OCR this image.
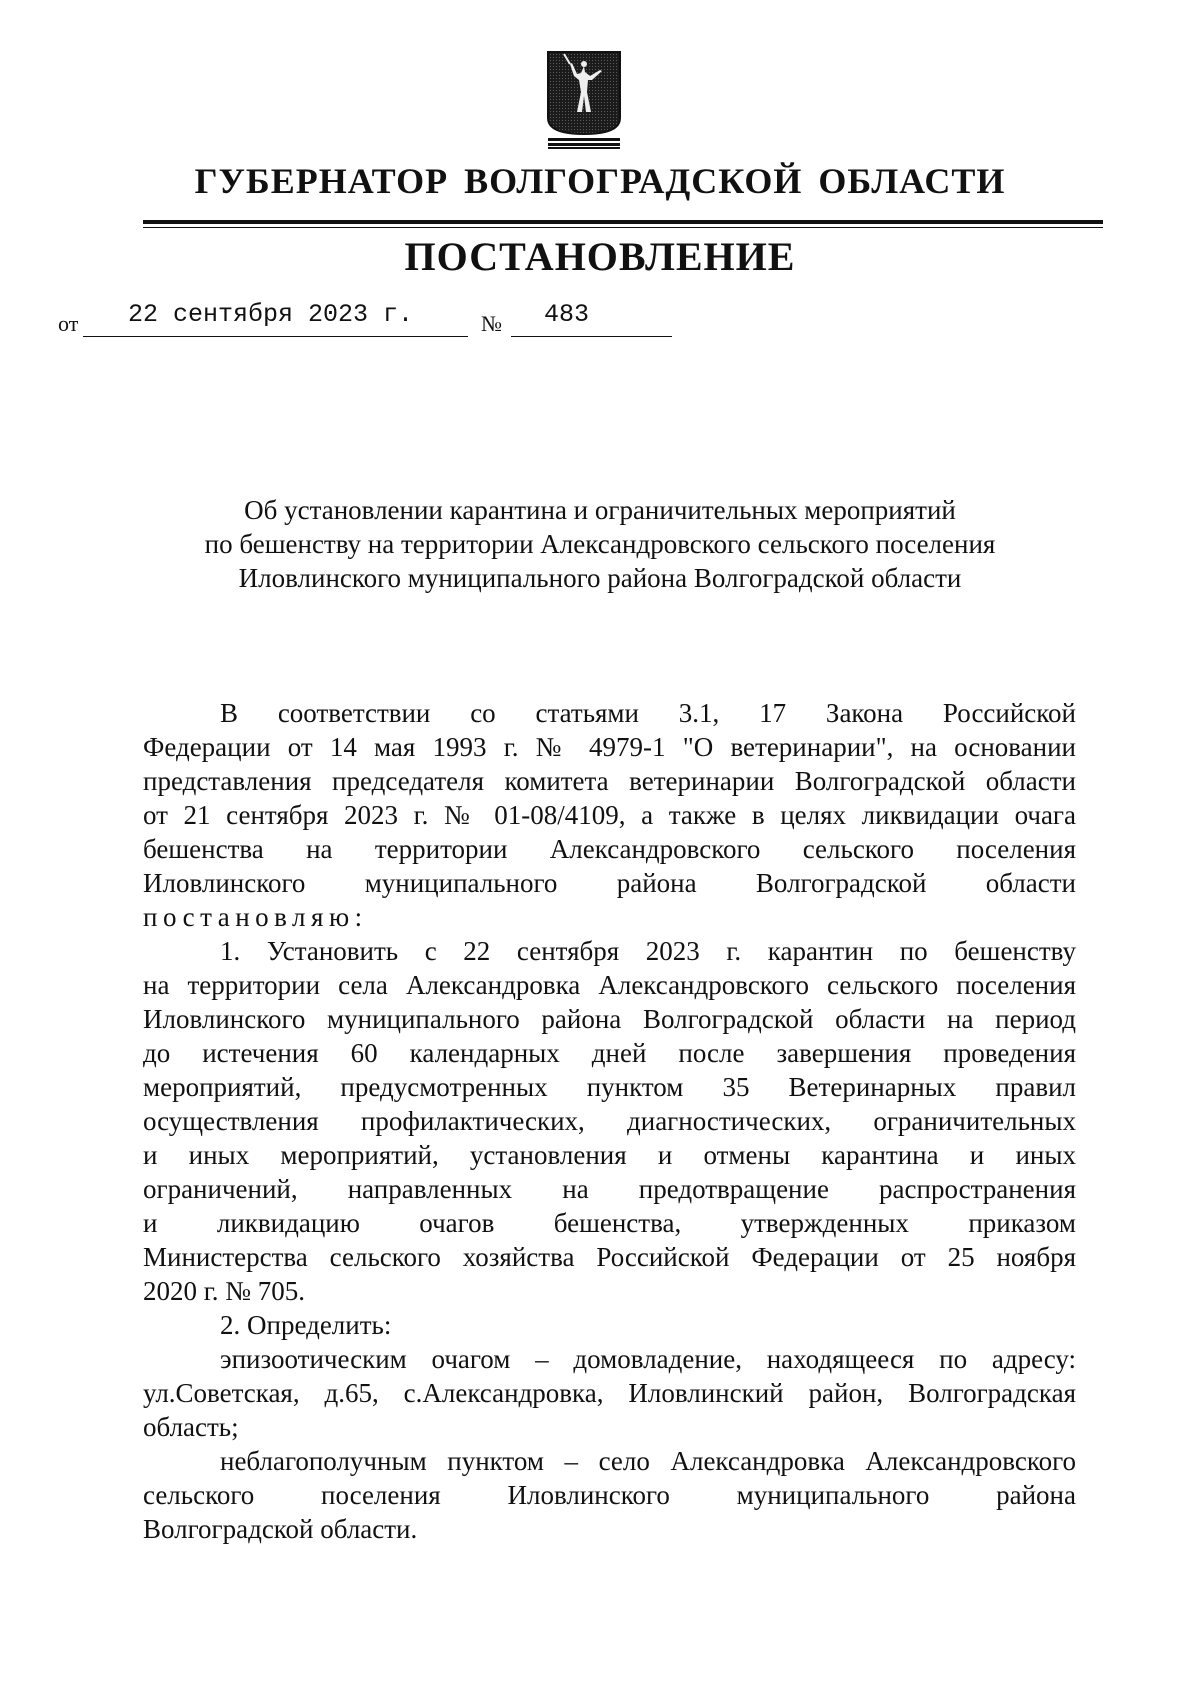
ГУБЕРНАТОР ВОЛГОГРАДСКОЙ ОБЛАСТИ
ПОСТАНОВЛЕНИЕ
от 22 сентября 2023 г.	№ 483
Об установлении карантина и ограничительных мероприятий
по бешенству на территории Александровского сельского поселения
Иловлинского муниципального района Волгоградской области
В соответствии со статьями 3.1, 17 Закона Российской
Федерации от 14 мая 1993 г. № 4979-1 "О ветеринарии", на основании
представления председателя комитета ветеринарии Волгоградской области
от 21 сентября 2023 г. № 01-08/4109, а также в целях ликвидации очага
бешенства на территории Александровского сельского поселения
Иловлинского муниципального района Волгоградской области
постановляю:
1. Установить с 22 сентября 2023 г. карантин по бешенству
на территории села Александровка Александровского сельского поселения
Иловлинского муниципального района Волгоградской области на период
до истечения 60 календарных дней после завершения проведения
мероприятий, предусмотренных пунктом 35 Ветеринарных правил
осуществления профилактических, диагностических, ограничительных
и иных мероприятий, установления и отмены карантина и иных
ограничений, направленных на предотвращение распространения
и ликвидацию очагов бешенства, утвержденных приказом
Министерства сельского хозяйства Российской Федерации от 25 ноября
2020 г. № 705.
2. Определить:
эпизоотическим очагом – домовладение, находящееся по адресу:
ул.Советская, д.65, с.Александровка, Иловлинский район, Волгоградская
область;
неблагополучным пунктом – село Александровка Александровского
сельского поселения Иловлинского муниципального района
Волгоградской области.
